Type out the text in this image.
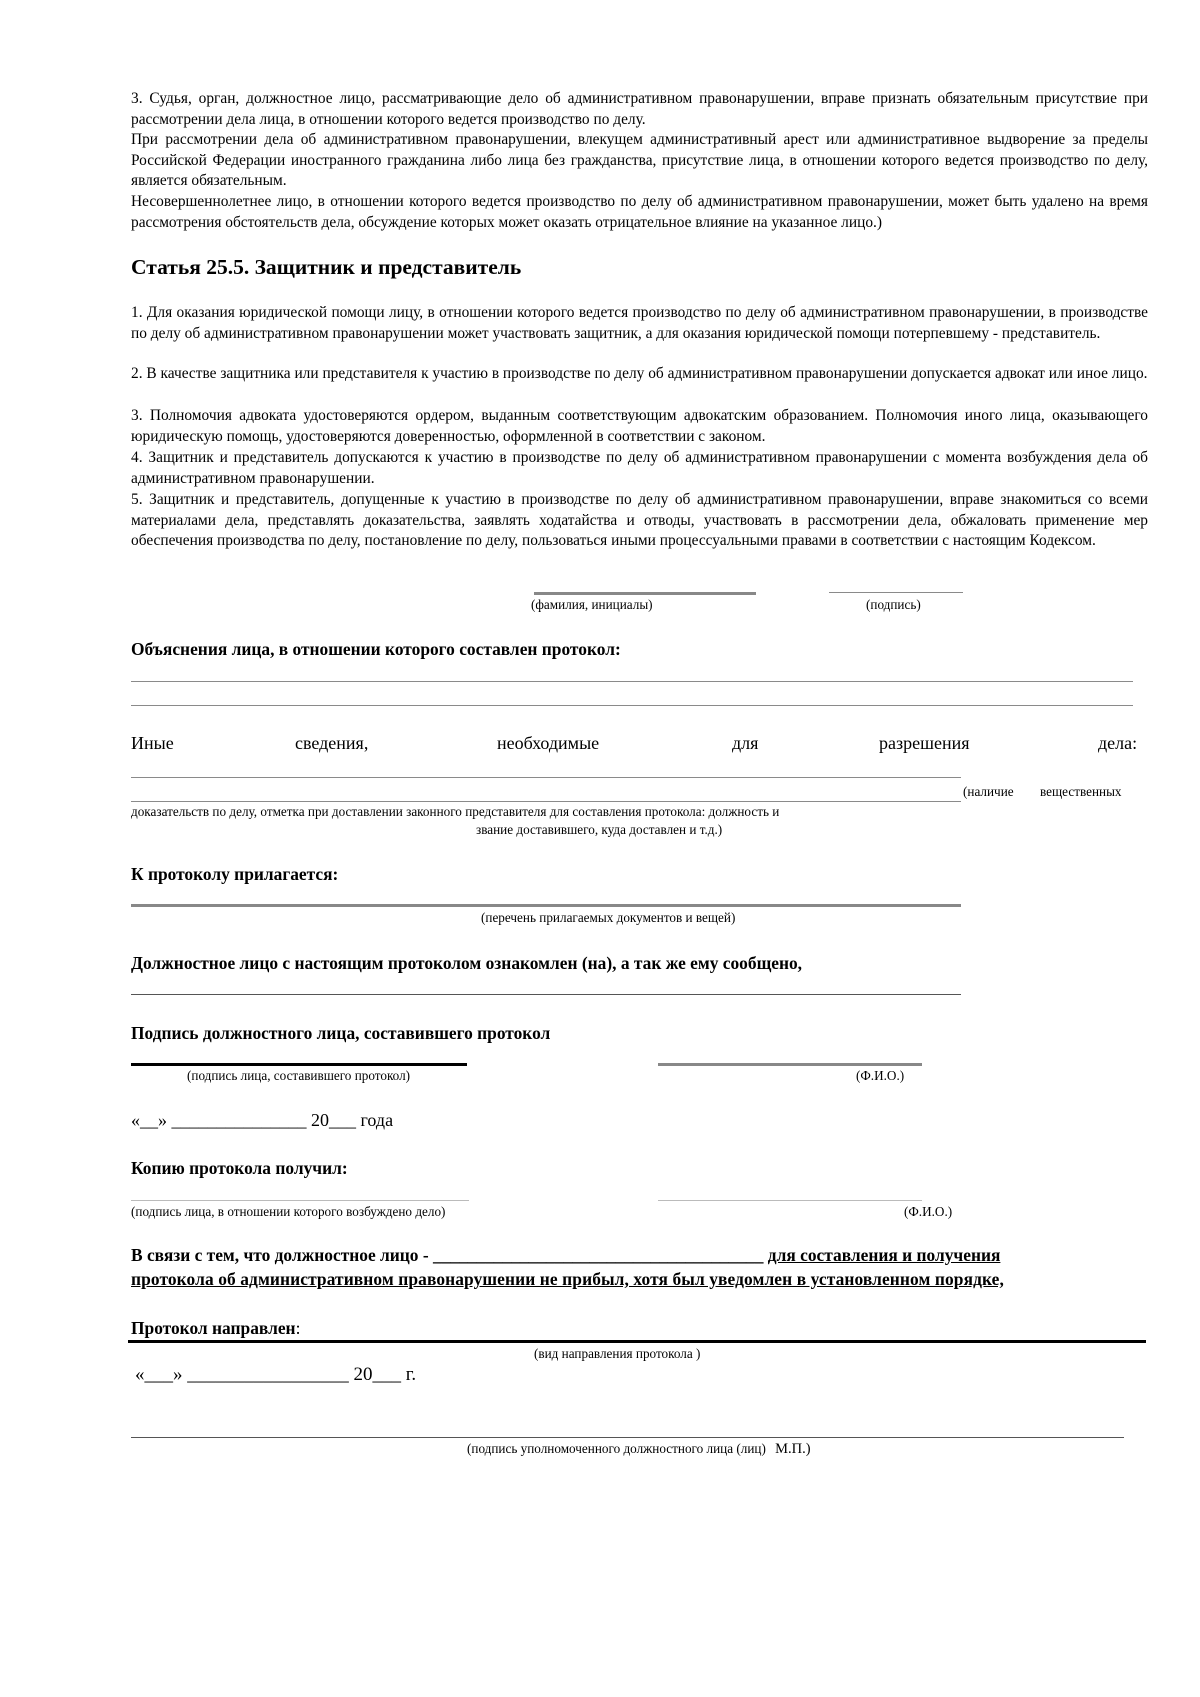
3. Судья, орган, должностное лицо, рассматривающие дело об административном правонарушении, вправе признать обязательным присутствие при рассмотрении дела лица, в отношении которого ведется производство по делу.

При рассмотрении дела об административном правонарушении, влекущем административный арест или административное выдворение за пределы Российской Федерации иностранного гражданина либо лица без гражданства, присутствие лица, в отношении которого ведется производство по делу, является обязательным.

Несовершеннолетнее лицо, в отношении которого ведется производство по делу об административном правонарушении, может быть удалено на время рассмотрения обстоятельств дела, обсуждение которых может оказать отрицательное влияние на указанное лицо.)

Статья 25.5. Защитник и представитель

1. Для оказания юридической помощи лицу, в отношении которого ведется производство по делу об административном правонарушении, в производстве по делу об административном правонарушении может участвовать защитник, а для оказания юридической помощи потерпевшему - представитель.

2. В качестве защитника или представителя к участию в производстве по делу об административном правонарушении допускается адвокат или иное лицо.

3. Полномочия адвоката удостоверяются ордером, выданным соответствующим адвокатским образованием. Полномочия иного лица, оказывающего юридическую помощь, удостоверяются доверенностью, оформленной в соответствии с законом.

4. Защитник и представитель допускаются к участию в производстве по делу об административном правонарушении с момента возбуждения дела об административном правонарушении.

5. Защитник и представитель, допущенные к участию в производстве по делу об административном правонарушении, вправе знакомиться со всеми материалами дела, представлять доказательства, заявлять ходатайства и отводы, участвовать в рассмотрении дела, обжаловать применение мер обеспечения производства по делу, постановление по делу, пользоваться иными процессуальными правами в соответствии с настоящим Кодексом.

(фамилия, инициалы)	(подпись)
Объяснения лица, в отношении которого составлен протокол:
Иные	сведения,	необходимые	для	разрешения	дела:
(наличие вещественных
доказательств по делу, отметка при доставлении законного представителя для составления протокола: должность и
звание доставившего, куда доставлен и т.д.)
К протоколу прилагается:
(перечень прилагаемых документов и вещей)
Должностное лицо с настоящим протоколом ознакомлен (на), а так же ему сообщено,
Подпись должностного лица, составившего протокол
(подпись лица, составившего протокол)	(Ф.И.О.)
«__» _______________ 20___ года
Копию протокола получил:
(подпись лица, в отношении которого возбуждено дело)	(Ф.И.О.)
В связи с тем, что должностное лицо - ______________________________________ для составления и получения
протокола об административном правонарушении не прибыл, хотя был уведомлен в установленном порядке,
Протокол направлен:
(вид направления протокола )
«___» _________________ 20___ г.
(подпись уполномоченного должностного лица (лиц) М.П.)
